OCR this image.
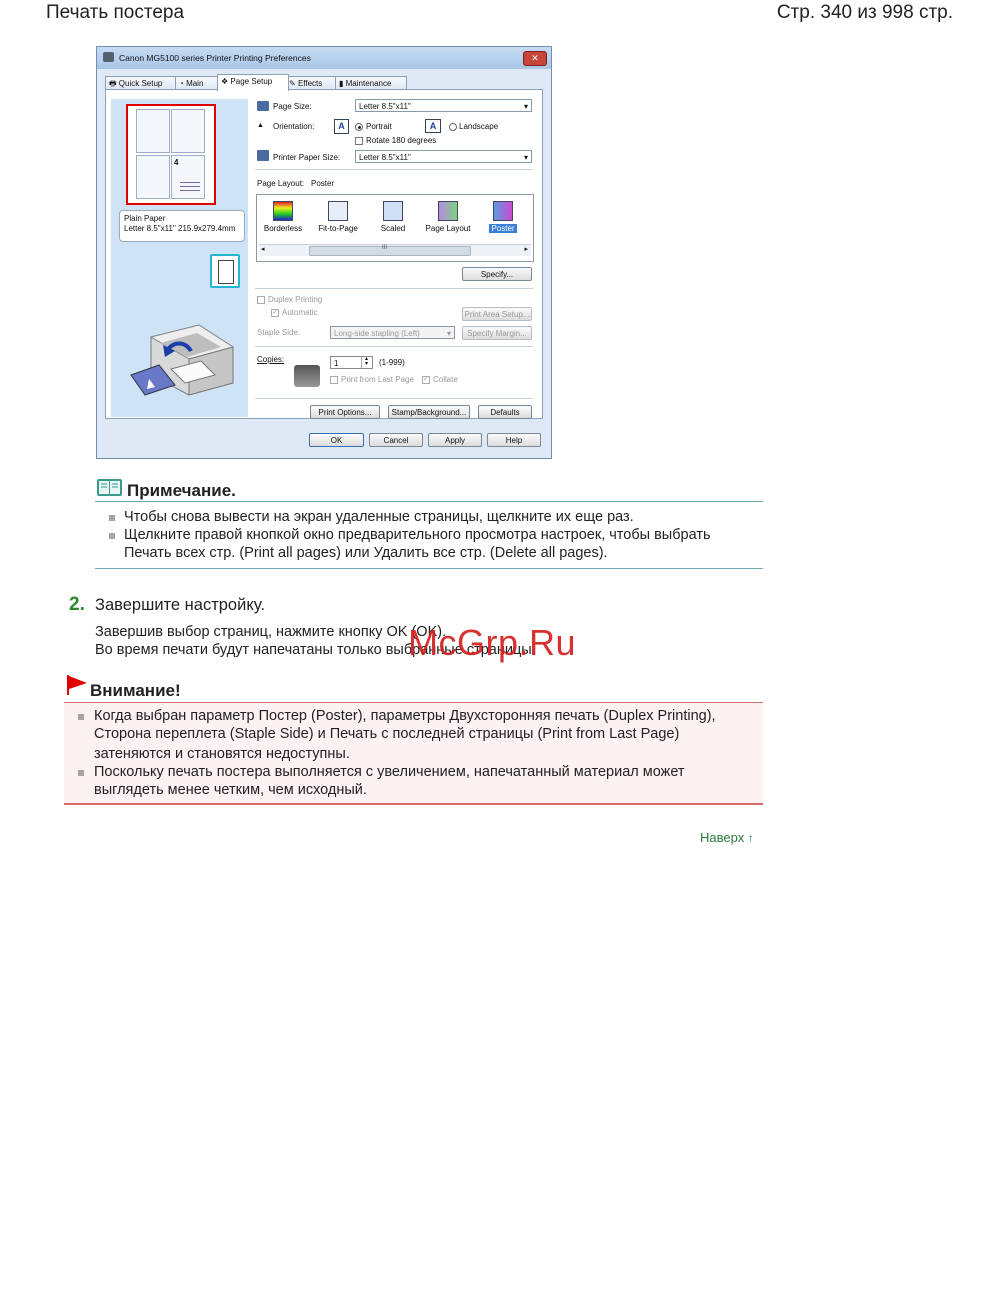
Печать постера	Стр. 340 из 998 стр.
Canon MG5100 series Printer Printing Preferences	✕
🖶 Quick Setup	◔ Main	❖ Page Setup	✎ Effects	▮ Maintenance
4
Plain Paper
Letter 8.5"x11" 215.9x279.4mm
Page Size:	Letter 8.5"x11" ▾
▲ Orientation:	A	Portrait	A	Landscape
Rotate 180 degrees
Printer Paper Size:	Letter 8.5"x11" ▾
Page Layout: Poster
Borderless	Fit-to-Page	Scaled	Page Layout	Poster
◂	III	▸
Specify...
Duplex Printing
✓ Automatic	Print Area Setup...
Staple Side:	Long-side stapling (Left) ▾	Specify Margin...
Copies:	1	▴
▾	(1-999)
Print from Last Page ✓ Collate
Print Options...	Stamp/Background...	Defaults
OK	Cancel	Apply	Help
Примечание.
Чтобы снова вывести на экран удаленные страницы, щелкните их еще раз.
Щелкните правой кнопкой окно предварительного просмотра настроек, чтобы выбрать
Печать всех стр. (Print all pages) или Удалить все стр. (Delete all pages).
2. Завершите настройку.
Завершив выбор страниц, нажмите кнопку OK (OK).
Во время печати будут напечатаны только выбранные страницы.
McGrp.Ru
Внимание!
Когда выбран параметр Постер (Poster), параметры Двухсторонняя печать (Duplex Printing),
Сторона переплета (Staple Side) и Печать с последней страницы (Print from Last Page)
затеняются и становятся недоступны.
Поскольку печать постера выполняется с увеличением, напечатанный материал может
выглядеть менее четким, чем исходный.
Наверх ↑
